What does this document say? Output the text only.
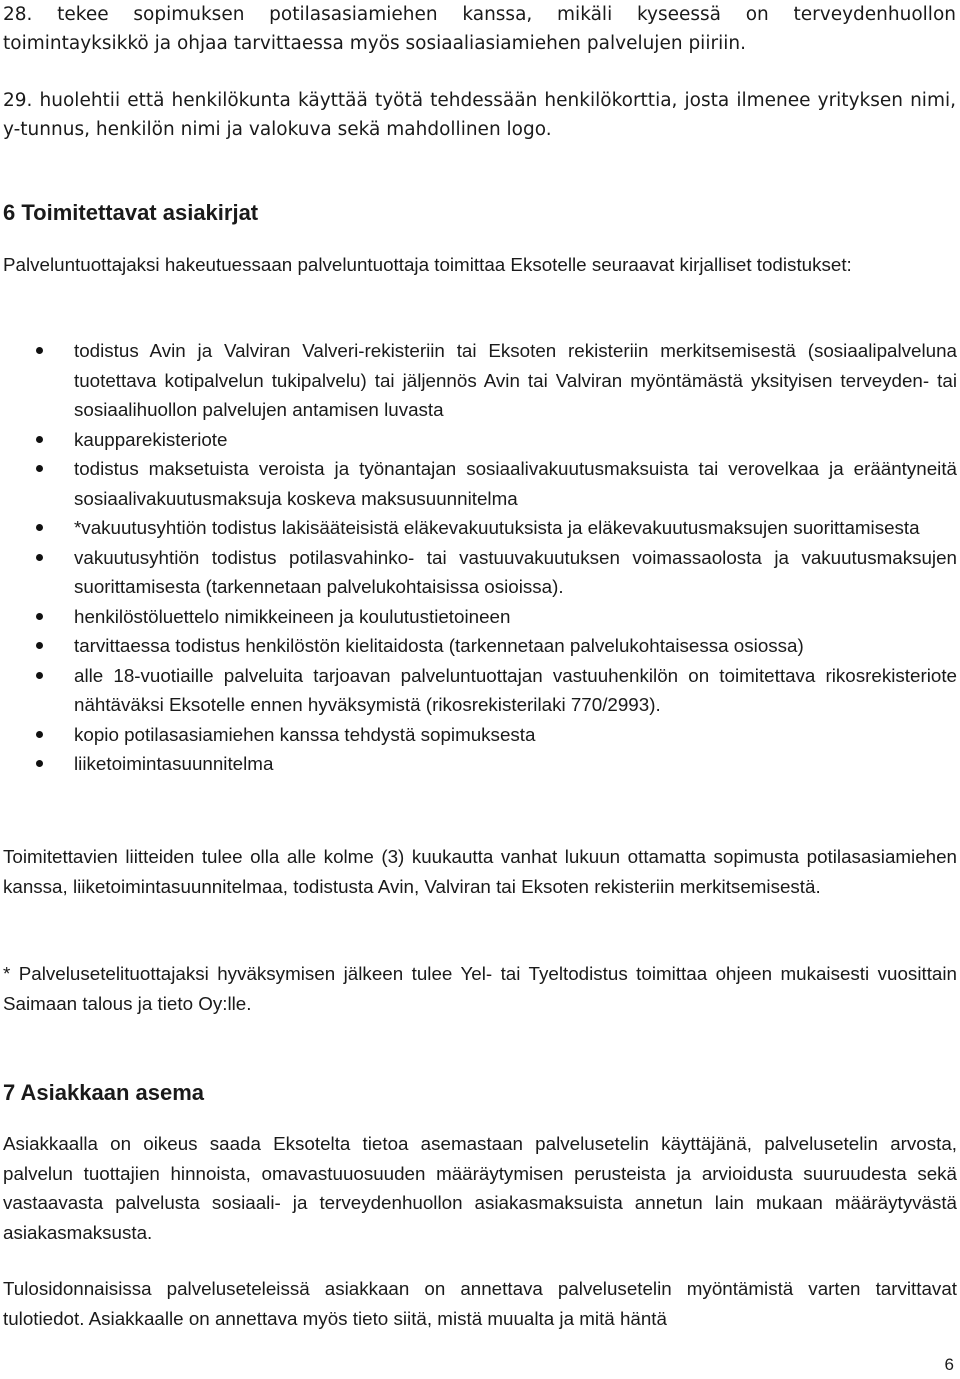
28. tekee sopimuksen potilasasiamiehen kanssa, mikäli kyseessä on terveydenhuollon toimintayksikkö ja ohjaa tarvittaessa myös sosiaaliasiamiehen palvelujen piiriin.
29. huolehtii että henkilökunta käyttää työtä tehdessään henkilökorttia, josta ilmenee yrityksen nimi, y-tunnus, henkilön nimi ja valokuva sekä mahdollinen logo.
6 Toimitettavat asiakirjat

Palveluntuottajaksi hakeutuessaan palveluntuottaja toimittaa Eksotelle seuraavat kirjalliset todistukset:

todistus Avin ja Valviran Valveri-rekisteriin tai Eksoten rekisteriin merkitsemisestä (sosiaalipalveluna tuotettava kotipalvelun tukipalvelu) tai jäljennös Avin tai Valviran myöntämästä yksityisen terveyden- tai sosiaalihuollon palvelujen antamisen luvasta
kaupparekisteriote
todistus maksetuista veroista ja työnantajan sosiaalivakuutusmaksuista tai verovelkaa ja erääntyneitä sosiaalivakuutusmaksuja koskeva maksusuunnitelma
*vakuutusyhtiön todistus lakisääteisistä eläkevakuutuksista ja eläkevakuutusmaksujen suorittamisesta
vakuutusyhtiön todistus potilasvahinko- tai vastuuvakuutuksen voimassaolosta ja vakuutusmaksujen suorittamisesta (tarkennetaan palvelukohtaisissa osioissa).
henkilöstöluettelo nimikkeineen ja koulutustietoineen
tarvittaessa todistus henkilöstön kielitaidosta (tarkennetaan palvelukohtaisessa osiossa)
alle 18-vuotiaille palveluita tarjoavan palveluntuottajan vastuuhenkilön on toimitettava rikosrekisteriote nähtäväksi Eksotelle ennen hyväksymistä (rikosrekisterilaki 770/2993).
kopio potilasasiamiehen kanssa tehdystä sopimuksesta
liiketoimintasuunnitelma

Toimitettavien liitteiden tulee olla alle kolme (3) kuukautta vanhat lukuun ottamatta sopimusta potilasasiamiehen kanssa, liiketoimintasuunnitelmaa, todistusta Avin, Valviran tai Eksoten rekisteriin merkitsemisestä.

* Palvelusetelituottajaksi hyväksymisen jälkeen tulee Yel- tai Tyeltodistus toimittaa ohjeen mukaisesti vuosittain Saimaan talous ja tieto Oy:lle.

7 Asiakkaan asema

Asiakkaalla on oikeus saada Eksotelta tietoa asemastaan palvelusetelin käyttäjänä, palvelusetelin arvosta, palvelun tuottajien hinnoista, omavastuuosuuden määräytymisen perusteista ja arvioidusta suuruudesta sekä vastaavasta palvelusta sosiaali- ja terveydenhuollon asiakasmaksuista annetun lain mukaan määräytyvästä asiakasmaksusta.

Tulosidonnaisissa palveluseteleissä asiakkaan on annettava palvelusetelin myöntämistä varten tarvittavat tulotiedot. Asiakkaalle on annettava myös tieto siitä, mistä muualta ja mitä häntä

6
